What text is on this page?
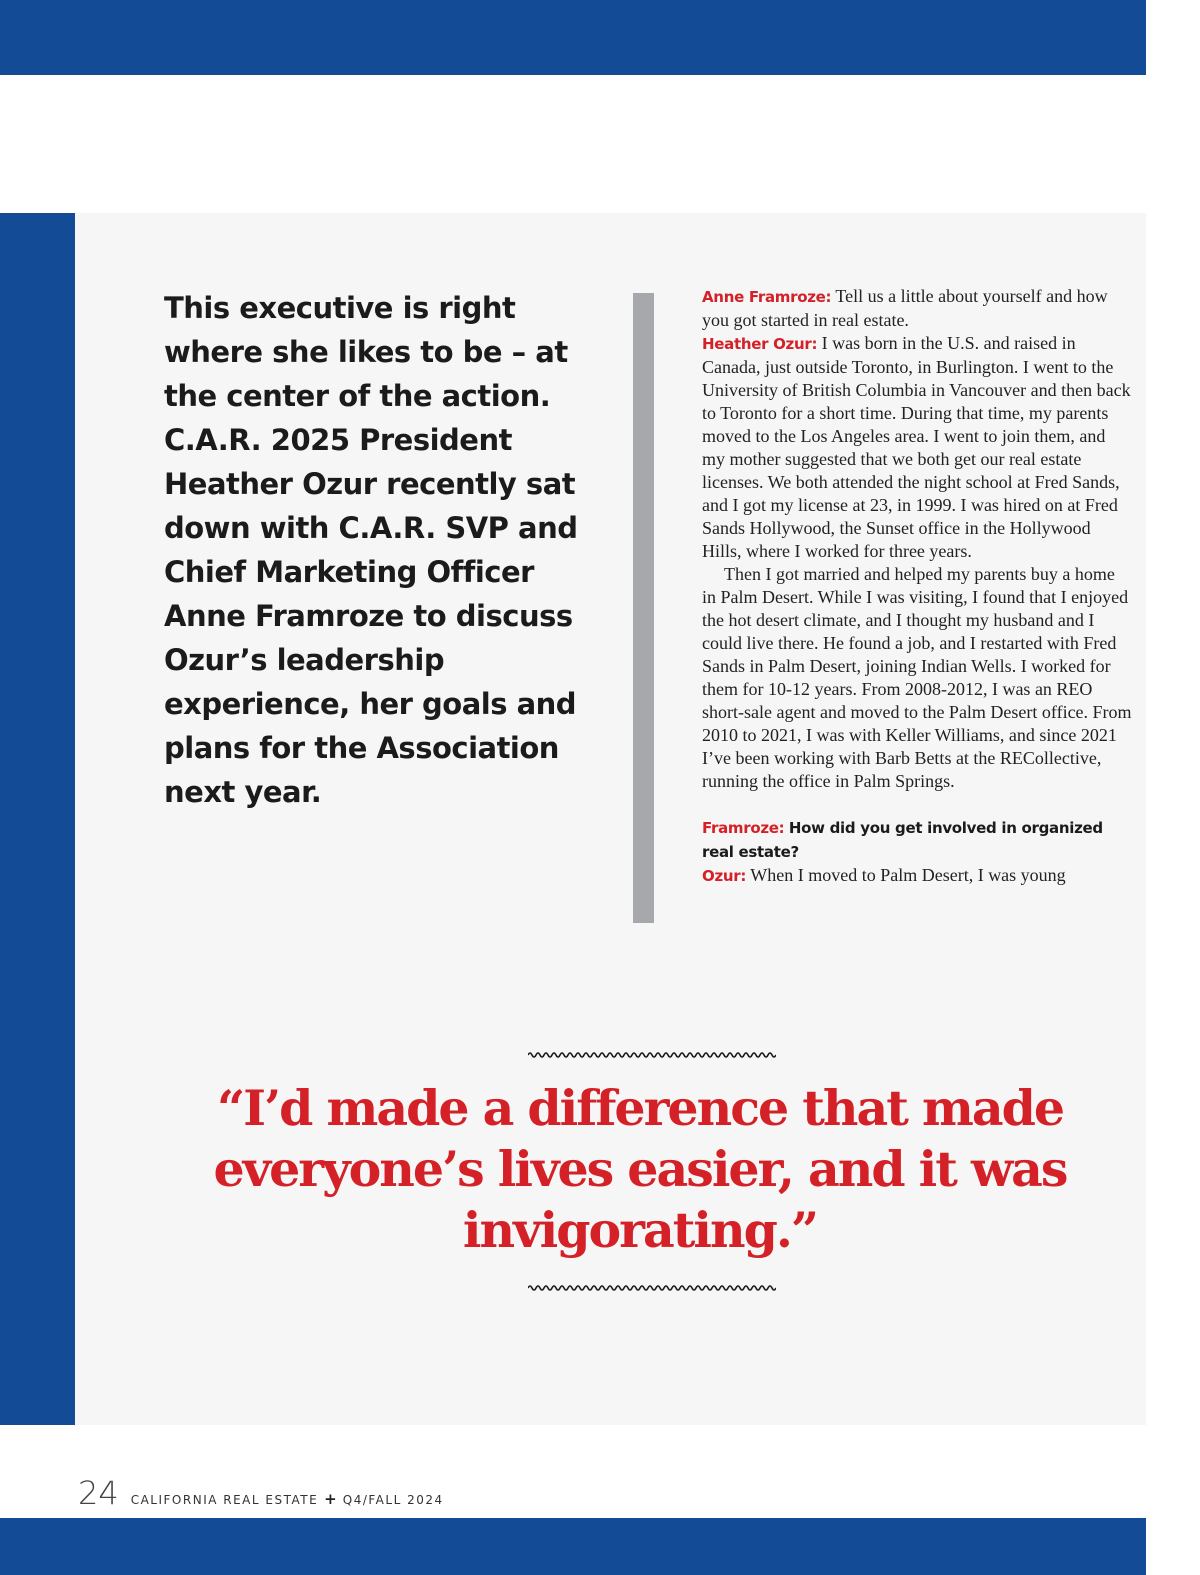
This executive is right where she likes to be – at the center of the action. C.A.R. 2025 President Heather Ozur recently sat down with C.A.R. SVP and Chief Marketing Officer Anne Framroze to discuss Ozur’s leadership experience, her goals and plans for the Association next year.

Anne Framroze: Tell us a little about yourself and how you got started in real estate.

Heather Ozur: I was born in the U.S. and raised in Canada, just outside Toronto, in Burlington. I went to the University of British Columbia in Vancouver and then back to Toronto for a short time. During that time, my parents moved to the Los Angeles area. I went to join them, and my mother suggested that we both get our real estate licenses. We both attended the night school at Fred Sands, and I got my license at 23, in 1999. I was hired on at Fred Sands Hollywood, the Sunset office in the Hollywood Hills, where I worked for three years.

Then I got married and helped my parents buy a home in Palm Desert. While I was visiting, I found that I enjoyed the hot desert climate, and I thought my husband and I could live there. He found a job, and I restarted with Fred Sands in Palm Desert, joining Indian Wells. I worked for them for 10-12 years. From 2008-2012, I was an REO short-sale agent and moved to the Palm Desert office. From 2010 to 2021, I was with Keller Williams, and since 2021 I’ve been working with Barb Betts at the RECollective, running the office in Palm Springs.

Framroze: How did you get involved in organized real estate?

Ozur: When I moved to Palm Desert, I was young

“I’d made a difference that made everyone’s lives easier, and it was invigorating.”
24 CALIFORNIA REAL ESTATE + Q4/FALL 2024
